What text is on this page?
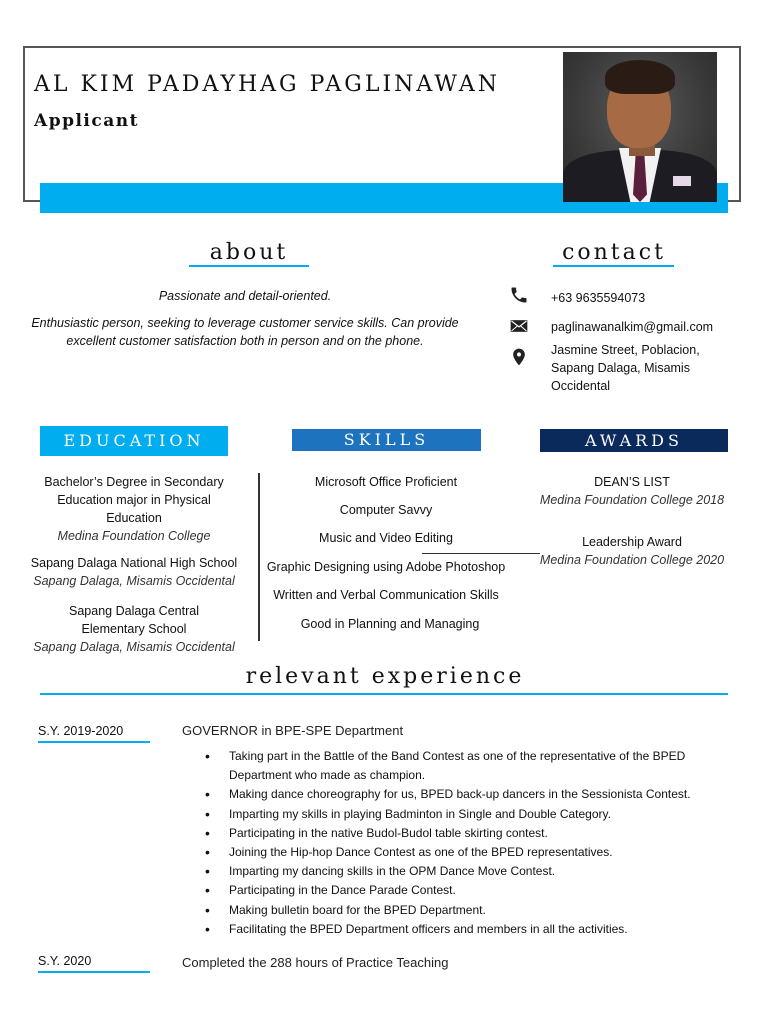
AL KIM PADAYHAG PAGLINAWAN
Applicant
about
Passionate and detail-oriented.
Enthusiastic person, seeking to leverage customer service skills. Can provide excellent customer satisfaction both in person and on the phone.
contact
+63 9635594073
paglinawanalkim@gmail.com
Jasmine Street, Poblacion, Sapang Dalaga, Misamis Occidental
EDUCATION	SKILLS	AWARDS
Bachelor’s Degree in Secondary Education major in Physical Education
Medina Foundation College
Sapang Dalaga National High School
Sapang Dalaga, Misamis Occidental
Sapang Dalaga Central Elementary School
Sapang Dalaga, Misamis Occidental
Microsoft Office Proficient
Computer Savvy
Music and Video Editing
Graphic Designing using Adobe Photoshop
Written and Verbal Communication Skills
Good in Planning and Managing
DEAN’S LIST
Medina Foundation College 2018
Leadership Award
Medina Foundation College 2020
relevant experience
S.Y. 2019-2020	GOVERNOR in BPE-SPE Department
• Taking part in the Battle of the Band Contest as one of the representative of the BPED Department who made as champion.
• Making dance choreography for us, BPED back-up dancers in the Sessionista Contest.
• Imparting my skills in playing Badminton in Single and Double Category.
• Participating in the native Budol-Budol table skirting contest.
• Joining the Hip-hop Dance Contest as one of the BPED representatives.
• Imparting my dancing skills in the OPM Dance Move Contest.
• Participating in the Dance Parade Contest.
• Making bulletin board for the BPED Department.
• Facilitating the BPED Department officers and members in all the activities.
S.Y. 2020	Completed the 288 hours of Practice Teaching
